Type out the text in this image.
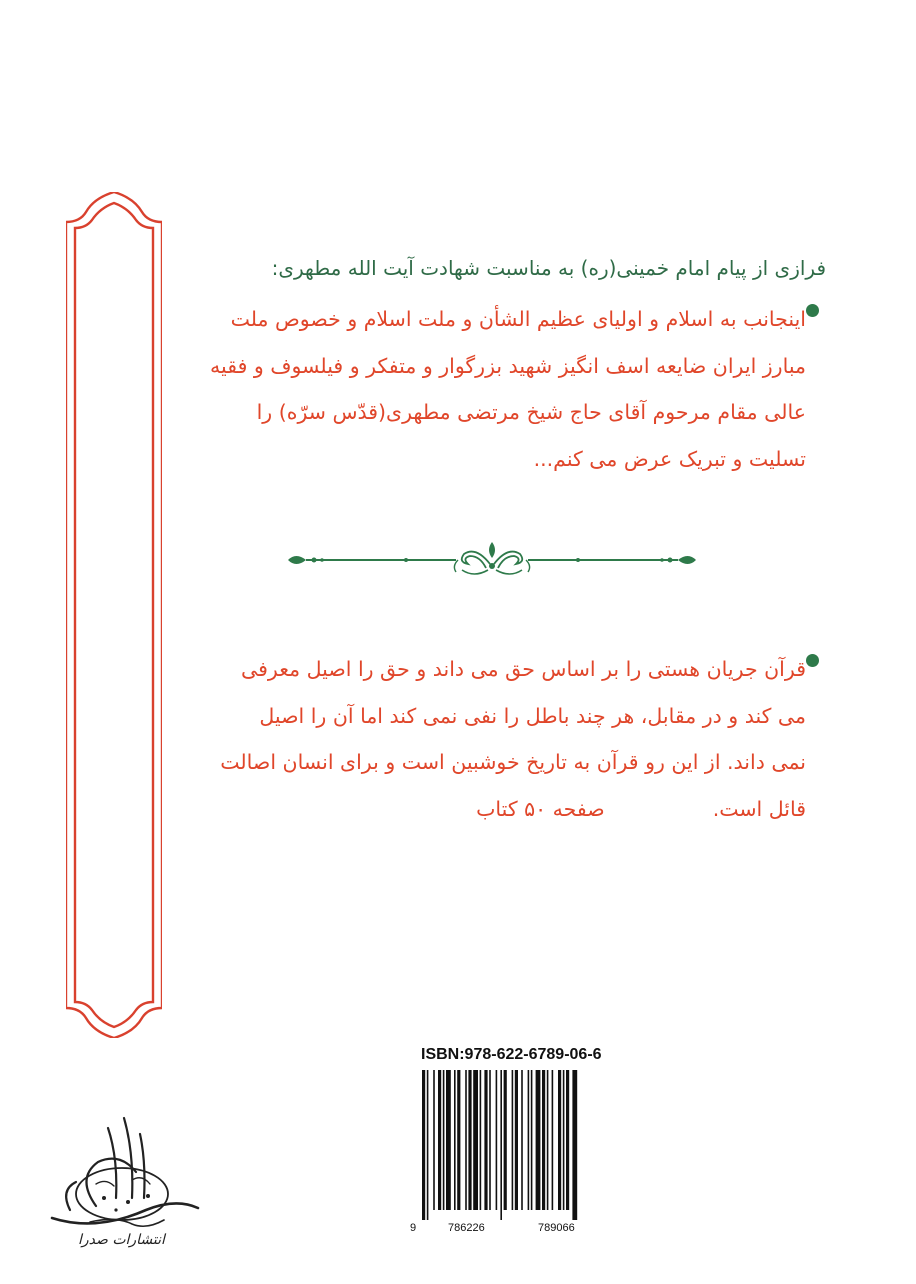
فرازی از پیام امام خمینی(ره) به مناسبت شهادت آیت الله مطهری:
اینجانب به اسلام و اولیای عظیم الشأن و ملت اسلام و خصوص ملت
مبارز ایران ضایعه اسف انگیز شهید بزرگوار و متفکر و فیلسوف و فقیه
عالی مقام مرحوم آقای حاج شیخ مرتضی مطهری(قدّس سرّه) را
تسلیت و تبریک عرض می کنم...
قرآن جریان هستی را بر اساس حق می داند و حق را اصیل معرفی
می کند و در مقابل، هر چند باطل را نفی نمی کند اما آن را اصیل
نمی داند. از این رو قرآن به تاریخ خوشبین است و برای انسان اصالت
قائل است.صفحه ۵۰ کتاب
انتشارات صدرا
ISBN:978-622-6789-06-6
9	786226	789066
